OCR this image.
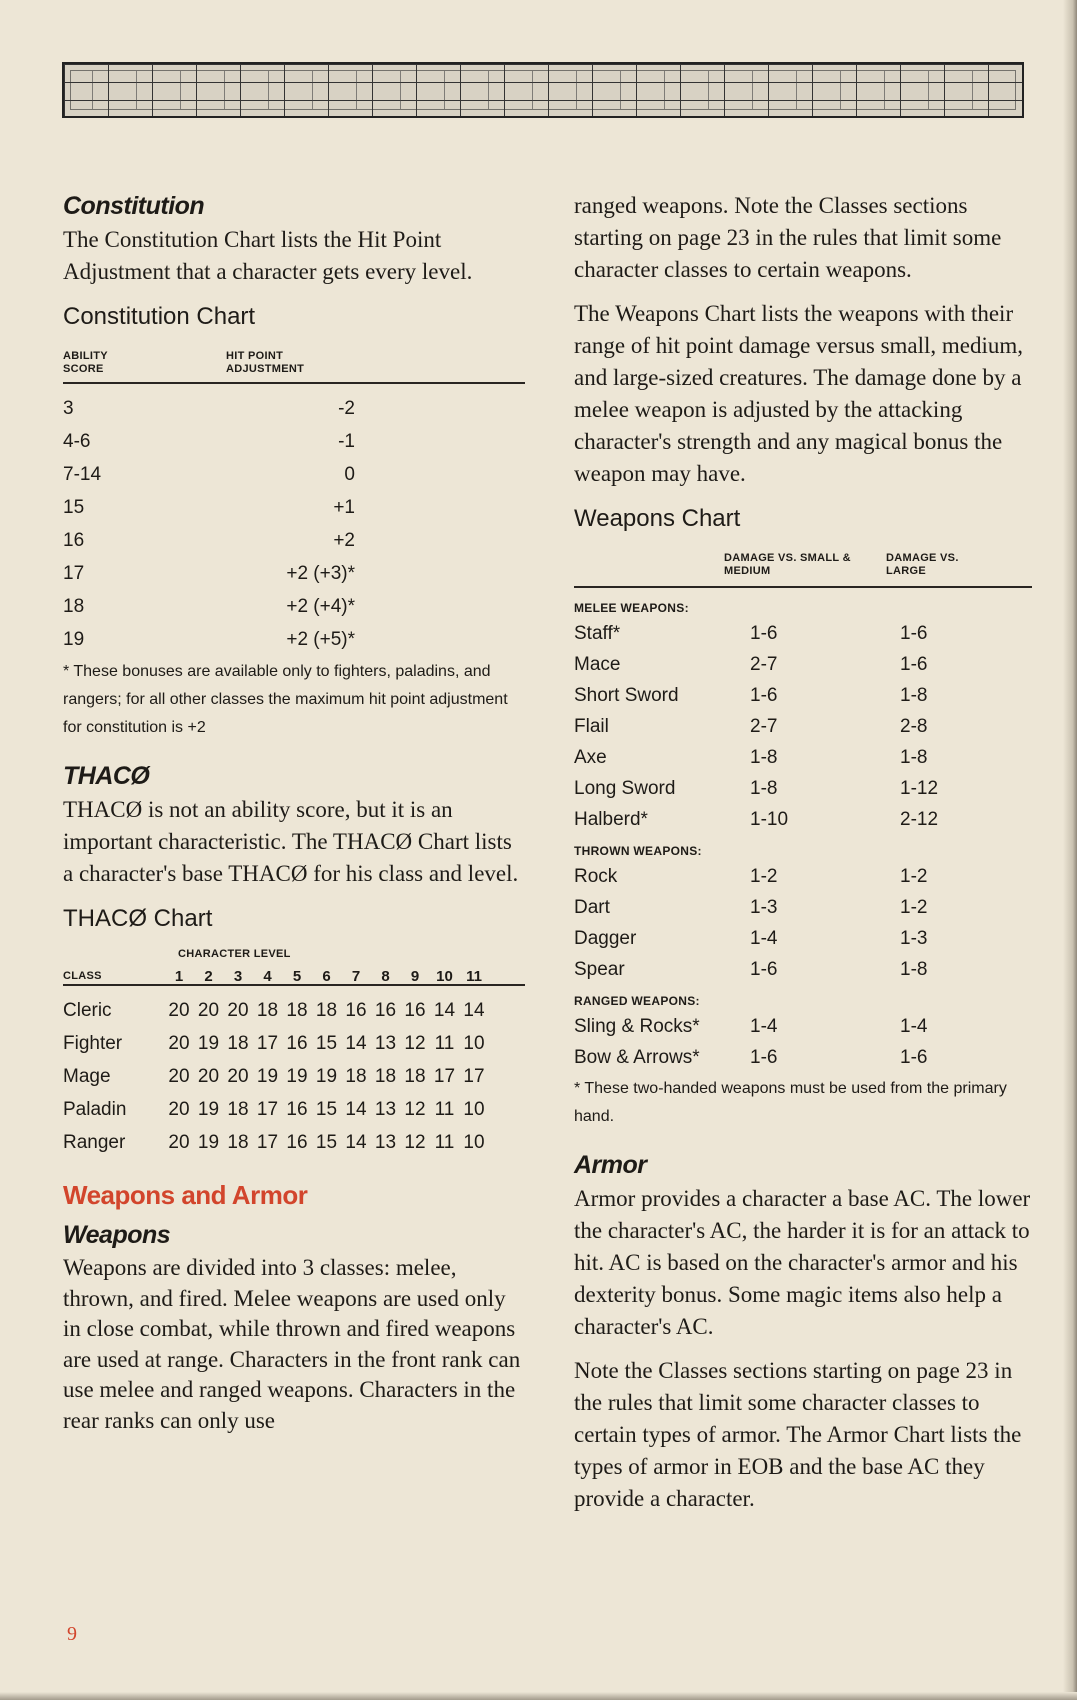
Constitution

The Constitution Chart lists the Hit Point Adjustment that a character gets every level.

Constitution Chart
ABILITY SCORE
HIT POINT ADJUSTMENT
3	-2
4-6	-1
7-14	0
15	+1
16	+2
17	+2 (+3)*
18	+2 (+4)*
19	+2 (+5)*

* These bonuses are available only to fighters, paladins, and rangers; for all other classes the maximum hit point adjustment for constitution is +2

THACØ

THACØ is not an ability score, but it is an important characteristic. The THACØ Chart lists a character's base THACØ for his class and level.

THACØ Chart
CLASS
CHARACTER LEVEL
1	2	3	4	5	6	7	8	9	10 11
Cleric	20 20 20 18 18 18 16 16 16 14 14
Fighter 20 19 18 17 16 15 14 13 12 11 10
Mage	20 20 20 19 19 19 18 18 18 17 17
Paladin 20 19 18 17 16 15 14 13 12 11 10
Ranger 20 19 18 17 16 15 14 13 12 11 10
Weapons and Armor
Weapons

Weapons are divided into 3 classes: melee, thrown, and fired. Melee weapons are used only in close combat, while thrown and fired weapons are used at range. Characters in the front rank can use melee and ranged weapons. Characters in the rear ranks can only use

ranged weapons. Note the Classes sections starting on page 23 in the rules that limit some character classes to certain weapons.

The Weapons Chart lists the weapons with their range of hit point damage versus small, medium, and large-sized creatures. The damage done by a melee weapon is adjusted by the attacking character's strength and any magical bonus the weapon may have.

Weapons Chart
DAMAGE VS. SMALL & MEDIUM
DAMAGE VS. LARGE
MELEE WEAPONS:
Staff*	1-6	1-6
Mace	2-7	1-6
Short Sword	1-6	1-8
Flail	2-7	2-8
Axe	1-8	1-8
Long Sword	1-8	1-12
Halberd*	1-10	2-12
THROWN WEAPONS:
Rock	1-2	1-2
Dart	1-3	1-2
Dagger	1-4	1-3
Spear	1-6	1-8
RANGED WEAPONS:
Sling & Rocks*	1-4	1-4
Bow & Arrows*	1-6	1-6

* These two-handed weapons must be used from the primary hand.

Armor

Armor provides a character a base AC. The lower the character's AC, the harder it is for an attack to hit. AC is based on the character's armor and his dexterity bonus. Some magic items also help a character's AC.

Note the Classes sections starting on page 23 in the rules that limit some character classes to certain types of armor. The Armor Chart lists the types of armor in EOB and the base AC they provide a character.

9
